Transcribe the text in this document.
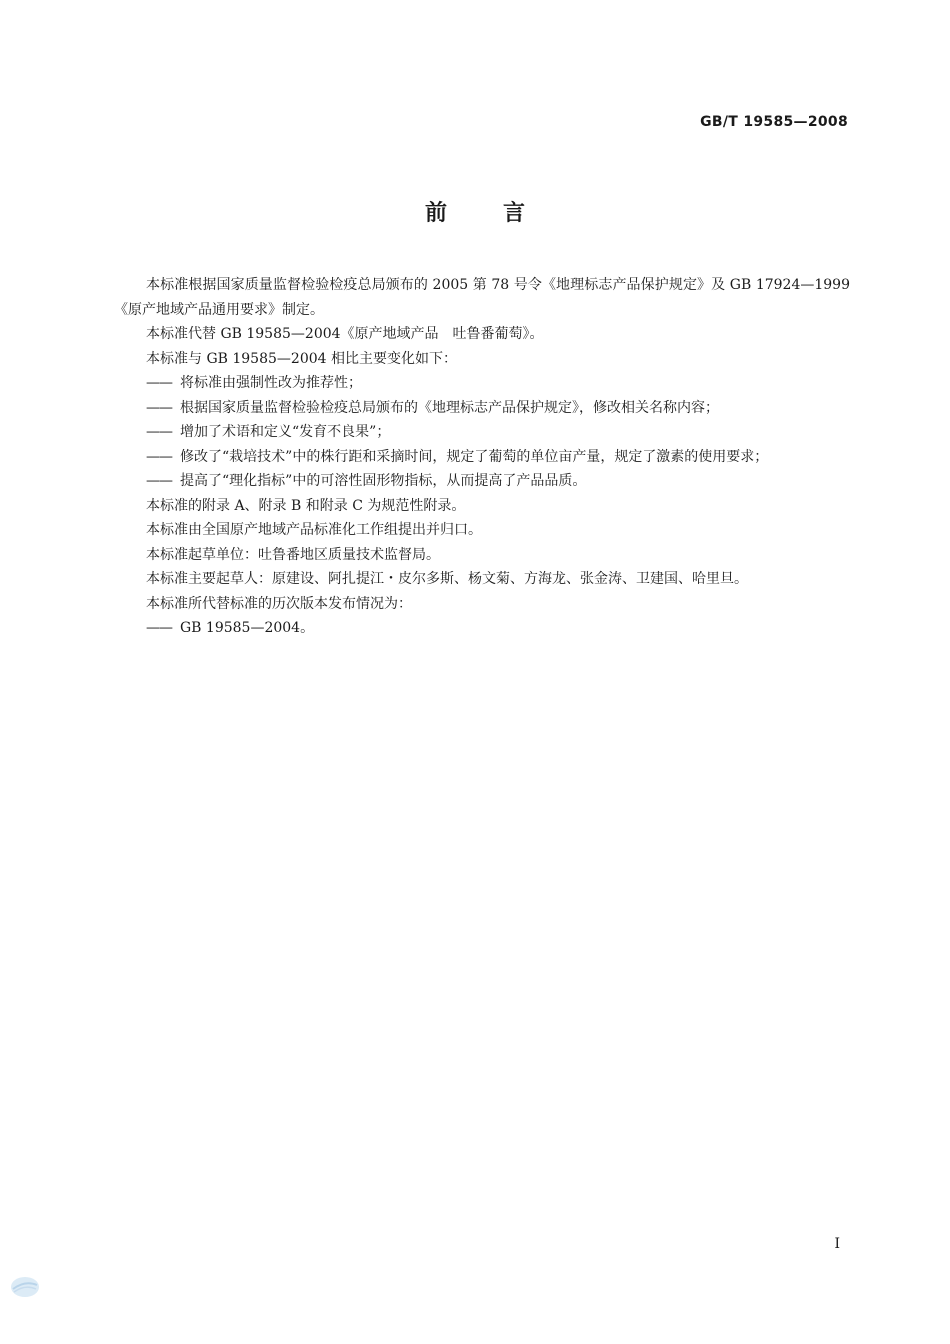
GB/T 19585—2008
前言

本标准根据国家质量监督检验检疫总局颁布的 2005 第 78 号令《地理标志产品保护规定》及 GB 17924—1999《原产地域产品通用要求》制定。

本标准代替 GB 19585—2004《原产地域产品　吐鲁番葡萄》。

本标准与 GB 19585—2004 相比主要变化如下：

—— 将标准由强制性改为推荐性；
—— 根据国家质量监督检验检疫总局颁布的《地理标志产品保护规定》，修改相关名称内容；
—— 增加了术语和定义“发育不良果”；
—— 修改了“栽培技术”中的株行距和采摘时间，规定了葡萄的单位亩产量，规定了激素的使用要求；
—— 提高了“理化指标”中的可溶性固形物指标，从而提高了产品品质。

本标准的附录 A、附录 B 和附录 C 为规范性附录。

本标准由全国原产地域产品标准化工作组提出并归口。

本标准起草单位：吐鲁番地区质量技术监督局。

本标准主要起草人：原建设、阿扎提江・皮尔多斯、杨文菊、方海龙、张金涛、卫建国、哈里旦。

本标准所代替标准的历次版本发布情况为：

—— GB 19585—2004。
I
